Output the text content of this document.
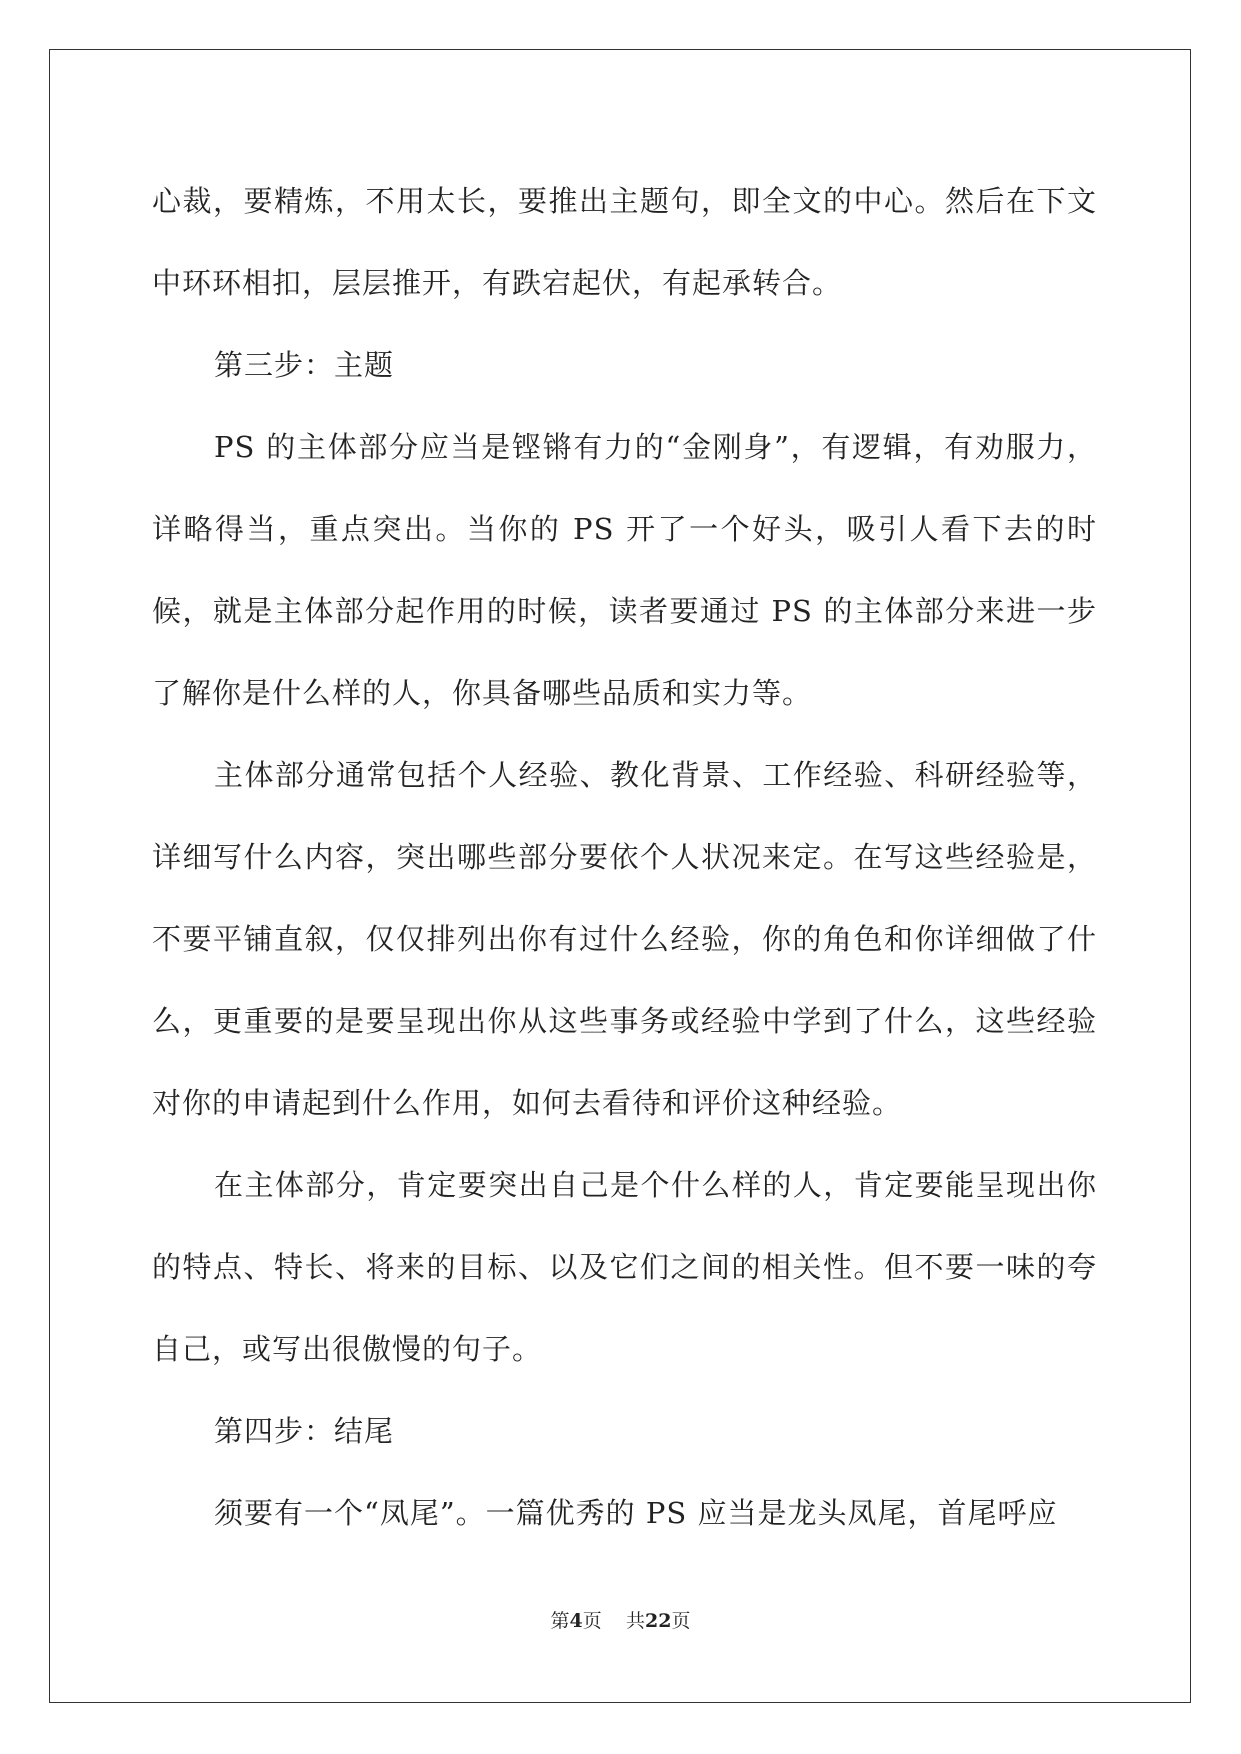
心裁，要精炼，不用太长，要推出主题句，即全文的中心。然后在下文中环环相扣，层层推开，有跌宕起伏，有起承转合。

第三步：主题

PS 的主体部分应当是铿锵有力的“金刚身”，有逻辑，有劝服力，详略得当，重点突出。当你的 PS 开了一个好头，吸引人看下去的时候，就是主体部分起作用的时候，读者要通过 PS 的主体部分来进一步了解你是什么样的人，你具备哪些品质和实力等。

主体部分通常包括个人经验、教化背景、工作经验、科研经验等，详细写什么内容，突出哪些部分要依个人状况来定。在写这些经验是，不要平铺直叙，仅仅排列出你有过什么经验，你的角色和你详细做了什么，更重要的是要呈现出你从这些事务或经验中学到了什么，这些经验对你的申请起到什么作用，如何去看待和评价这种经验。

在主体部分，肯定要突出自己是个什么样的人，肯定要能呈现出你的特点、特长、将来的目标、以及它们之间的相关性。但不要一味的夸自己，或写出很傲慢的句子。

第四步：结尾

须要有一个“凤尾”。一篇优秀的 PS 应当是龙头凤尾，首尾呼应

第4页 共22页
